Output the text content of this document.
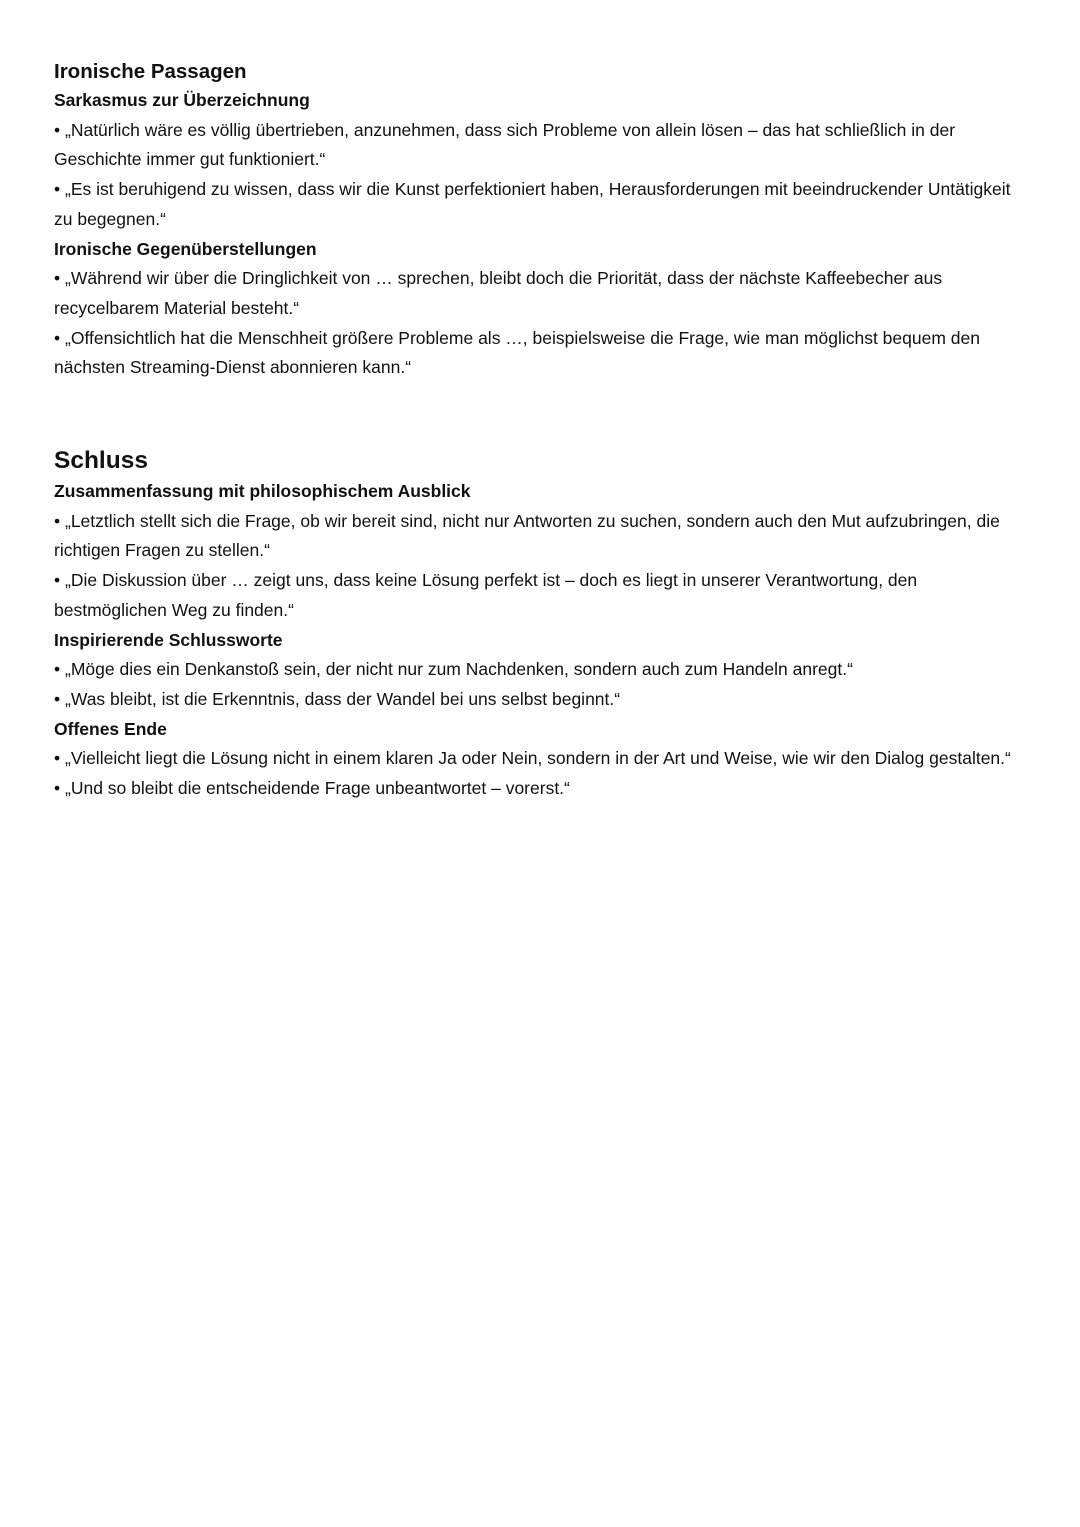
Ironische Passagen
Sarkasmus zur Überzeichnung
• „Natürlich wäre es völlig übertrieben, anzunehmen, dass sich Probleme von allein lösen – das hat schließlich in der Geschichte immer gut funktioniert.“
• „Es ist beruhigend zu wissen, dass wir die Kunst perfektioniert haben, Herausforderungen mit beeindruckender Untätigkeit zu begegnen.“
Ironische Gegenüberstellungen
• „Während wir über die Dringlichkeit von … sprechen, bleibt doch die Priorität, dass der nächste Kaffeebecher aus recycelbarem Material besteht.“
• „Offensichtlich hat die Menschheit größere Probleme als …, beispielsweise die Frage, wie man möglichst bequem den nächsten Streaming-Dienst abonnieren kann.“
Schluss
Zusammenfassung mit philosophischem Ausblick
• „Letztlich stellt sich die Frage, ob wir bereit sind, nicht nur Antworten zu suchen, sondern auch den Mut aufzubringen, die richtigen Fragen zu stellen.“
• „Die Diskussion über … zeigt uns, dass keine Lösung perfekt ist – doch es liegt in unserer Verantwortung, den bestmöglichen Weg zu finden.“
Inspirierende Schlussworte
• „Möge dies ein Denkanstoß sein, der nicht nur zum Nachdenken, sondern auch zum Handeln anregt.“
• „Was bleibt, ist die Erkenntnis, dass der Wandel bei uns selbst beginnt.“
Offenes Ende
• „Vielleicht liegt die Lösung nicht in einem klaren Ja oder Nein, sondern in der Art und Weise, wie wir den Dialog gestalten.“
• „Und so bleibt die entscheidende Frage unbeantwortet – vorerst.“
